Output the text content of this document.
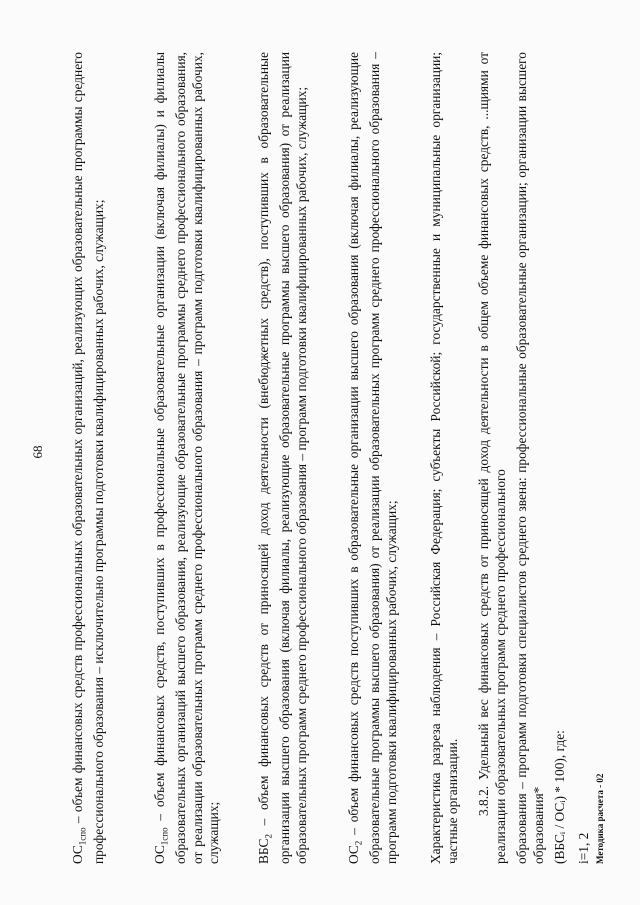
68
$ОС_{1спо}$ – объем финансовых средств профессиональных образовательных организаций, реализующих образовательные программы среднего профессионального образования – исключительно программы подготовки квалифицированных рабочих, служащих;	$ОС_{1спо}$ – объем финансовых средств, поступивших в профессиональные образовательные организации (включая филиалы) и филиалы образовательных организаций высшего образования, реализующие образовательные программы среднего профессионального образования, от реализации образовательных программ среднего профессионального образования – программ подготовки квалифицированных рабочих, служащих;	$ВБС_2$ – объем финансовых средств от приносящей доход деятельности (внебюджетных средств), поступивших в образовательные организации высшего образования (включая филиалы, реализующие образовательные программы высшего образования) от реализации образовательных программ среднего профессионального образования – программ подготовки квалифицированных рабочих, служащих;	$ОС_2$ – объем финансовых средств поступивших в образовательные организации высшего образования (включая филиалы, реализующие образовательные программы высшего образования) от реализации образовательных программ среднего профессионального образования – программ подготовки квалифицированных рабочих, служащих; Характеристика разреза наблюдения – Российская Федерация; субъекты Российской; государственные и муниципальные организации; частные организации. 3.8.2. Удельный вес финансовых средств от приносящей доход деятельности в общем объеме финансовых средств, ...щиями от реализации образовательных программ среднего профессионального образования – программ подготовки специалистов среднего звена: профессиональные образовательные организации; организации высшего образования* (ВБСᵢ / ОСᵢ) * 100), где: i=1, 2 Методика расчета - 02
